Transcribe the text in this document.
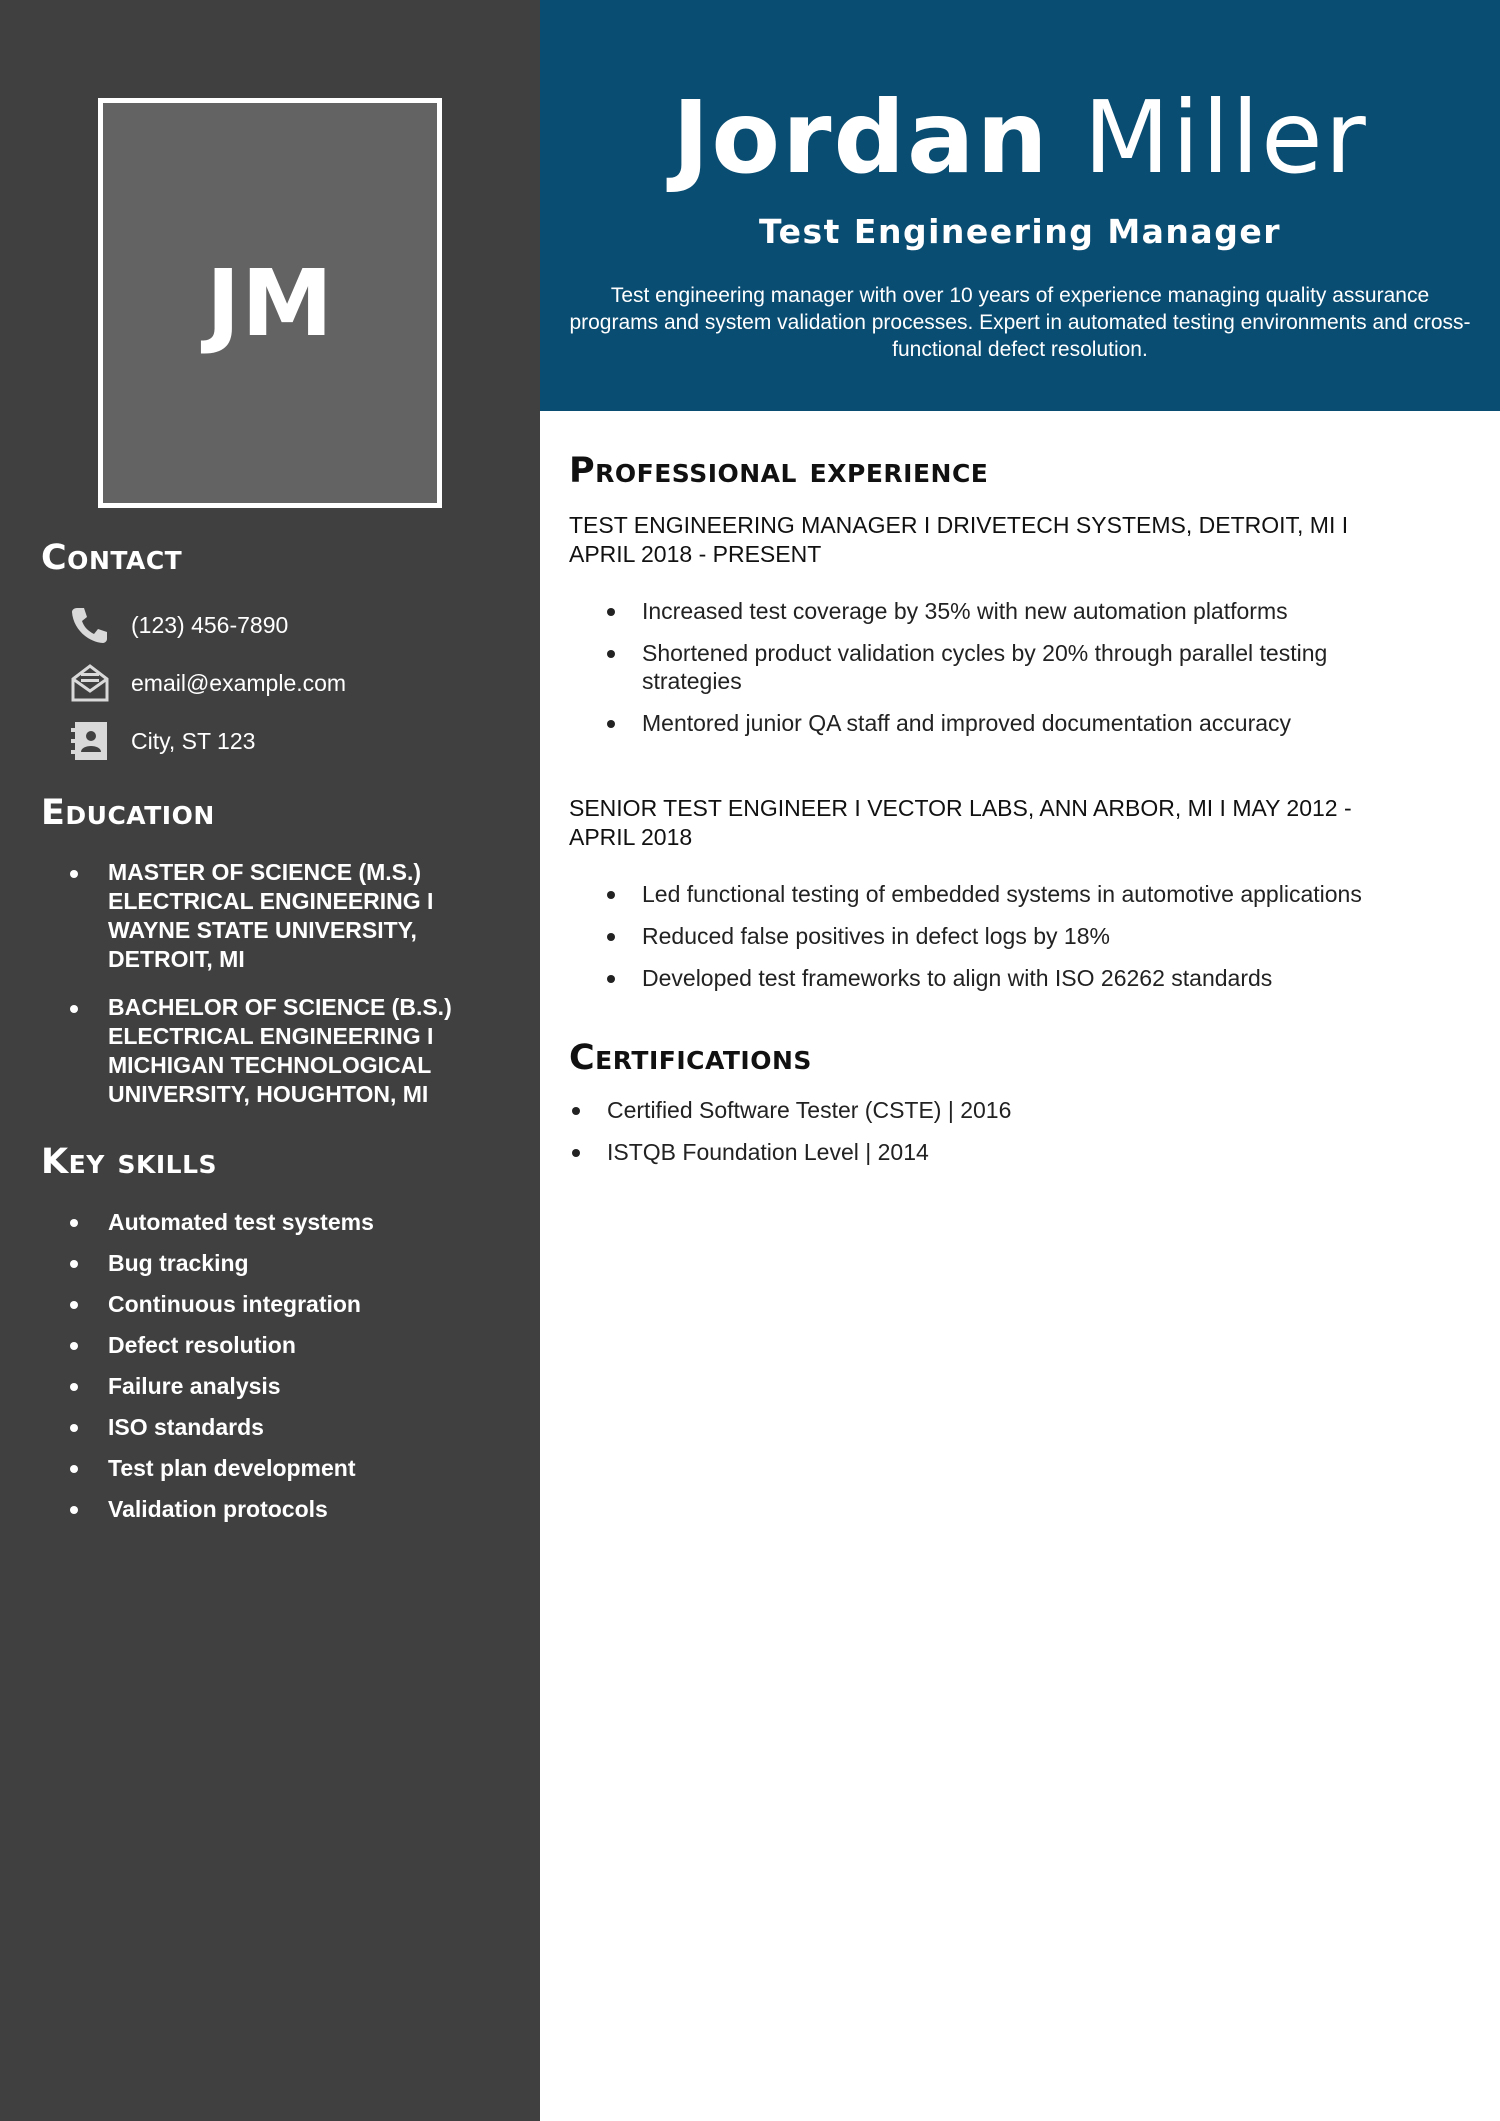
JM
Contact
(123) 456-7890
email@example.com
City, ST 123
Education
MASTER OF SCIENCE (M.S.) ELECTRICAL ENGINEERING I WAYNE STATE UNIVERSITY, DETROIT, MI
BACHELOR OF SCIENCE (B.S.) ELECTRICAL ENGINEERING I MICHIGAN TECHNOLOGICAL UNIVERSITY, HOUGHTON, MI
Key skills
Automated test systems
Bug tracking
Continuous integration
Defect resolution
Failure analysis
ISO standards
Test plan development
Validation protocols
Jordan Miller
Test Engineering Manager
Test engineering manager with over 10 years of experience managing quality assurance programs and system validation processes. Expert in automated testing environments and cross-functional defect resolution.
Professional experience
TEST ENGINEERING MANAGER I DRIVETECH SYSTEMS, DETROIT, MI I APRIL 2018 - PRESENT
Increased test coverage by 35% with new automation platforms
Shortened product validation cycles by 20% through parallel testing strategies
Mentored junior QA staff and improved documentation accuracy
SENIOR TEST ENGINEER I VECTOR LABS, ANN ARBOR, MI I MAY 2012 - APRIL 2018
Led functional testing of embedded systems in automotive applications
Reduced false positives in defect logs by 18%
Developed test frameworks to align with ISO 26262 standards
Certifications
Certified Software Tester (CSTE) | 2016
ISTQB Foundation Level | 2014
